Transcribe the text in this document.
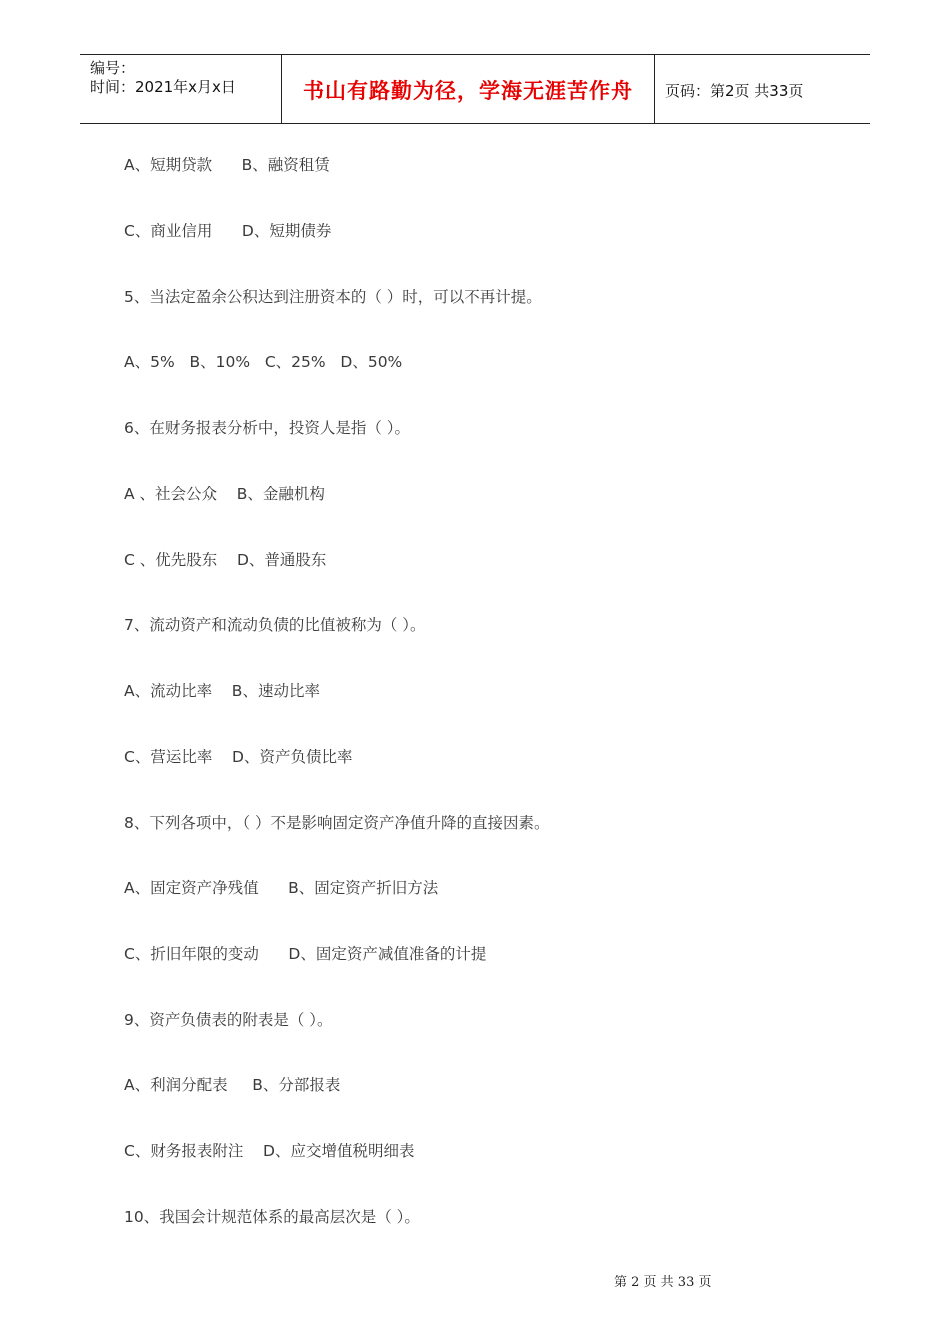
编号：
时间：2021年x月x日	书山有路勤为径，学海无涯苦作舟	页码：第2页 共33页

A、短期贷款      B、融资租赁

C、商业信用      D、短期债券

5、当法定盈余公积达到注册资本的（ ）时，可以不再计提。

A、5%   B、10%   C、25%   D、50%

6、在财务报表分析中，投资人是指（ ）。

A 、社会公众    B、金融机构

C 、优先股东    D、普通股东

7、流动资产和流动负债的比值被称为（ ）。

A、流动比率    B、速动比率

C、营运比率    D、资产负债比率

8、下列各项中，（ ）不是影响固定资产净值升降的直接因素。

A、固定资产净残值      B、固定资产折旧方法

C、折旧年限的变动      D、固定资产减值准备的计提

9、资产负债表的附表是（ ）。

A、利润分配表     B、分部报表

C、财务报表附注    D、应交增值税明细表

10、我国会计规范体系的最高层次是（ ）。

第 2 页 共 33 页
